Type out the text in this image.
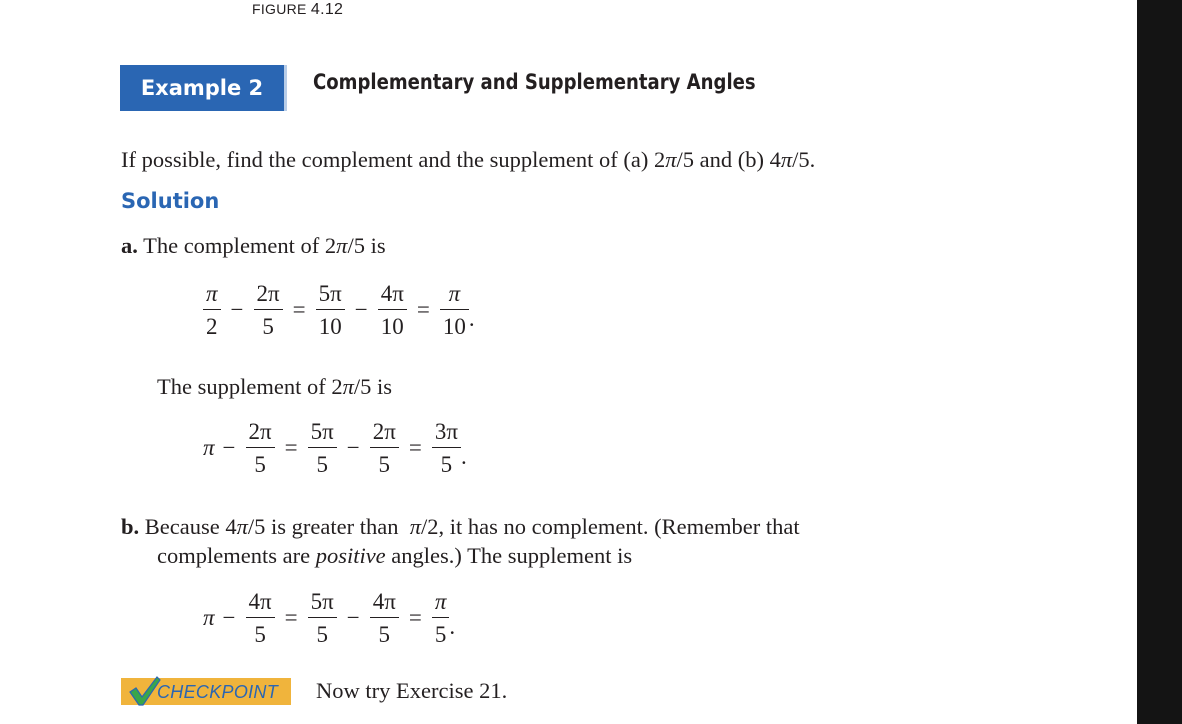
FIGURE 4.12
Example 2	Complementary and Supplementary Angles
If possible, find the complement and the supplement of (a) 2π/5 and (b) 4π/5.
Solution
a. The complement of 2π/5 is
$\frac{\pi}{2} - \frac{2\pi}{5} = \frac{5\pi}{10} - \frac{4\pi}{10} = \frac{\pi}{10}$ .
The supplement of 2π/5 is
$\pi - \frac{2\pi}{5} = \frac{5\pi}{5} - \frac{2\pi}{5} = \frac{3\pi}{5}$ .
b. Because 4π/5 is greater than π/2, it has no complement. (Remember that
complements are positive angles.) The supplement is
$\pi - \frac{4\pi}{5} = \frac{5\pi}{5} - \frac{4\pi}{5} = \frac{\pi}{5}$ .
CHECKPOINT Now try Exercise 21.
